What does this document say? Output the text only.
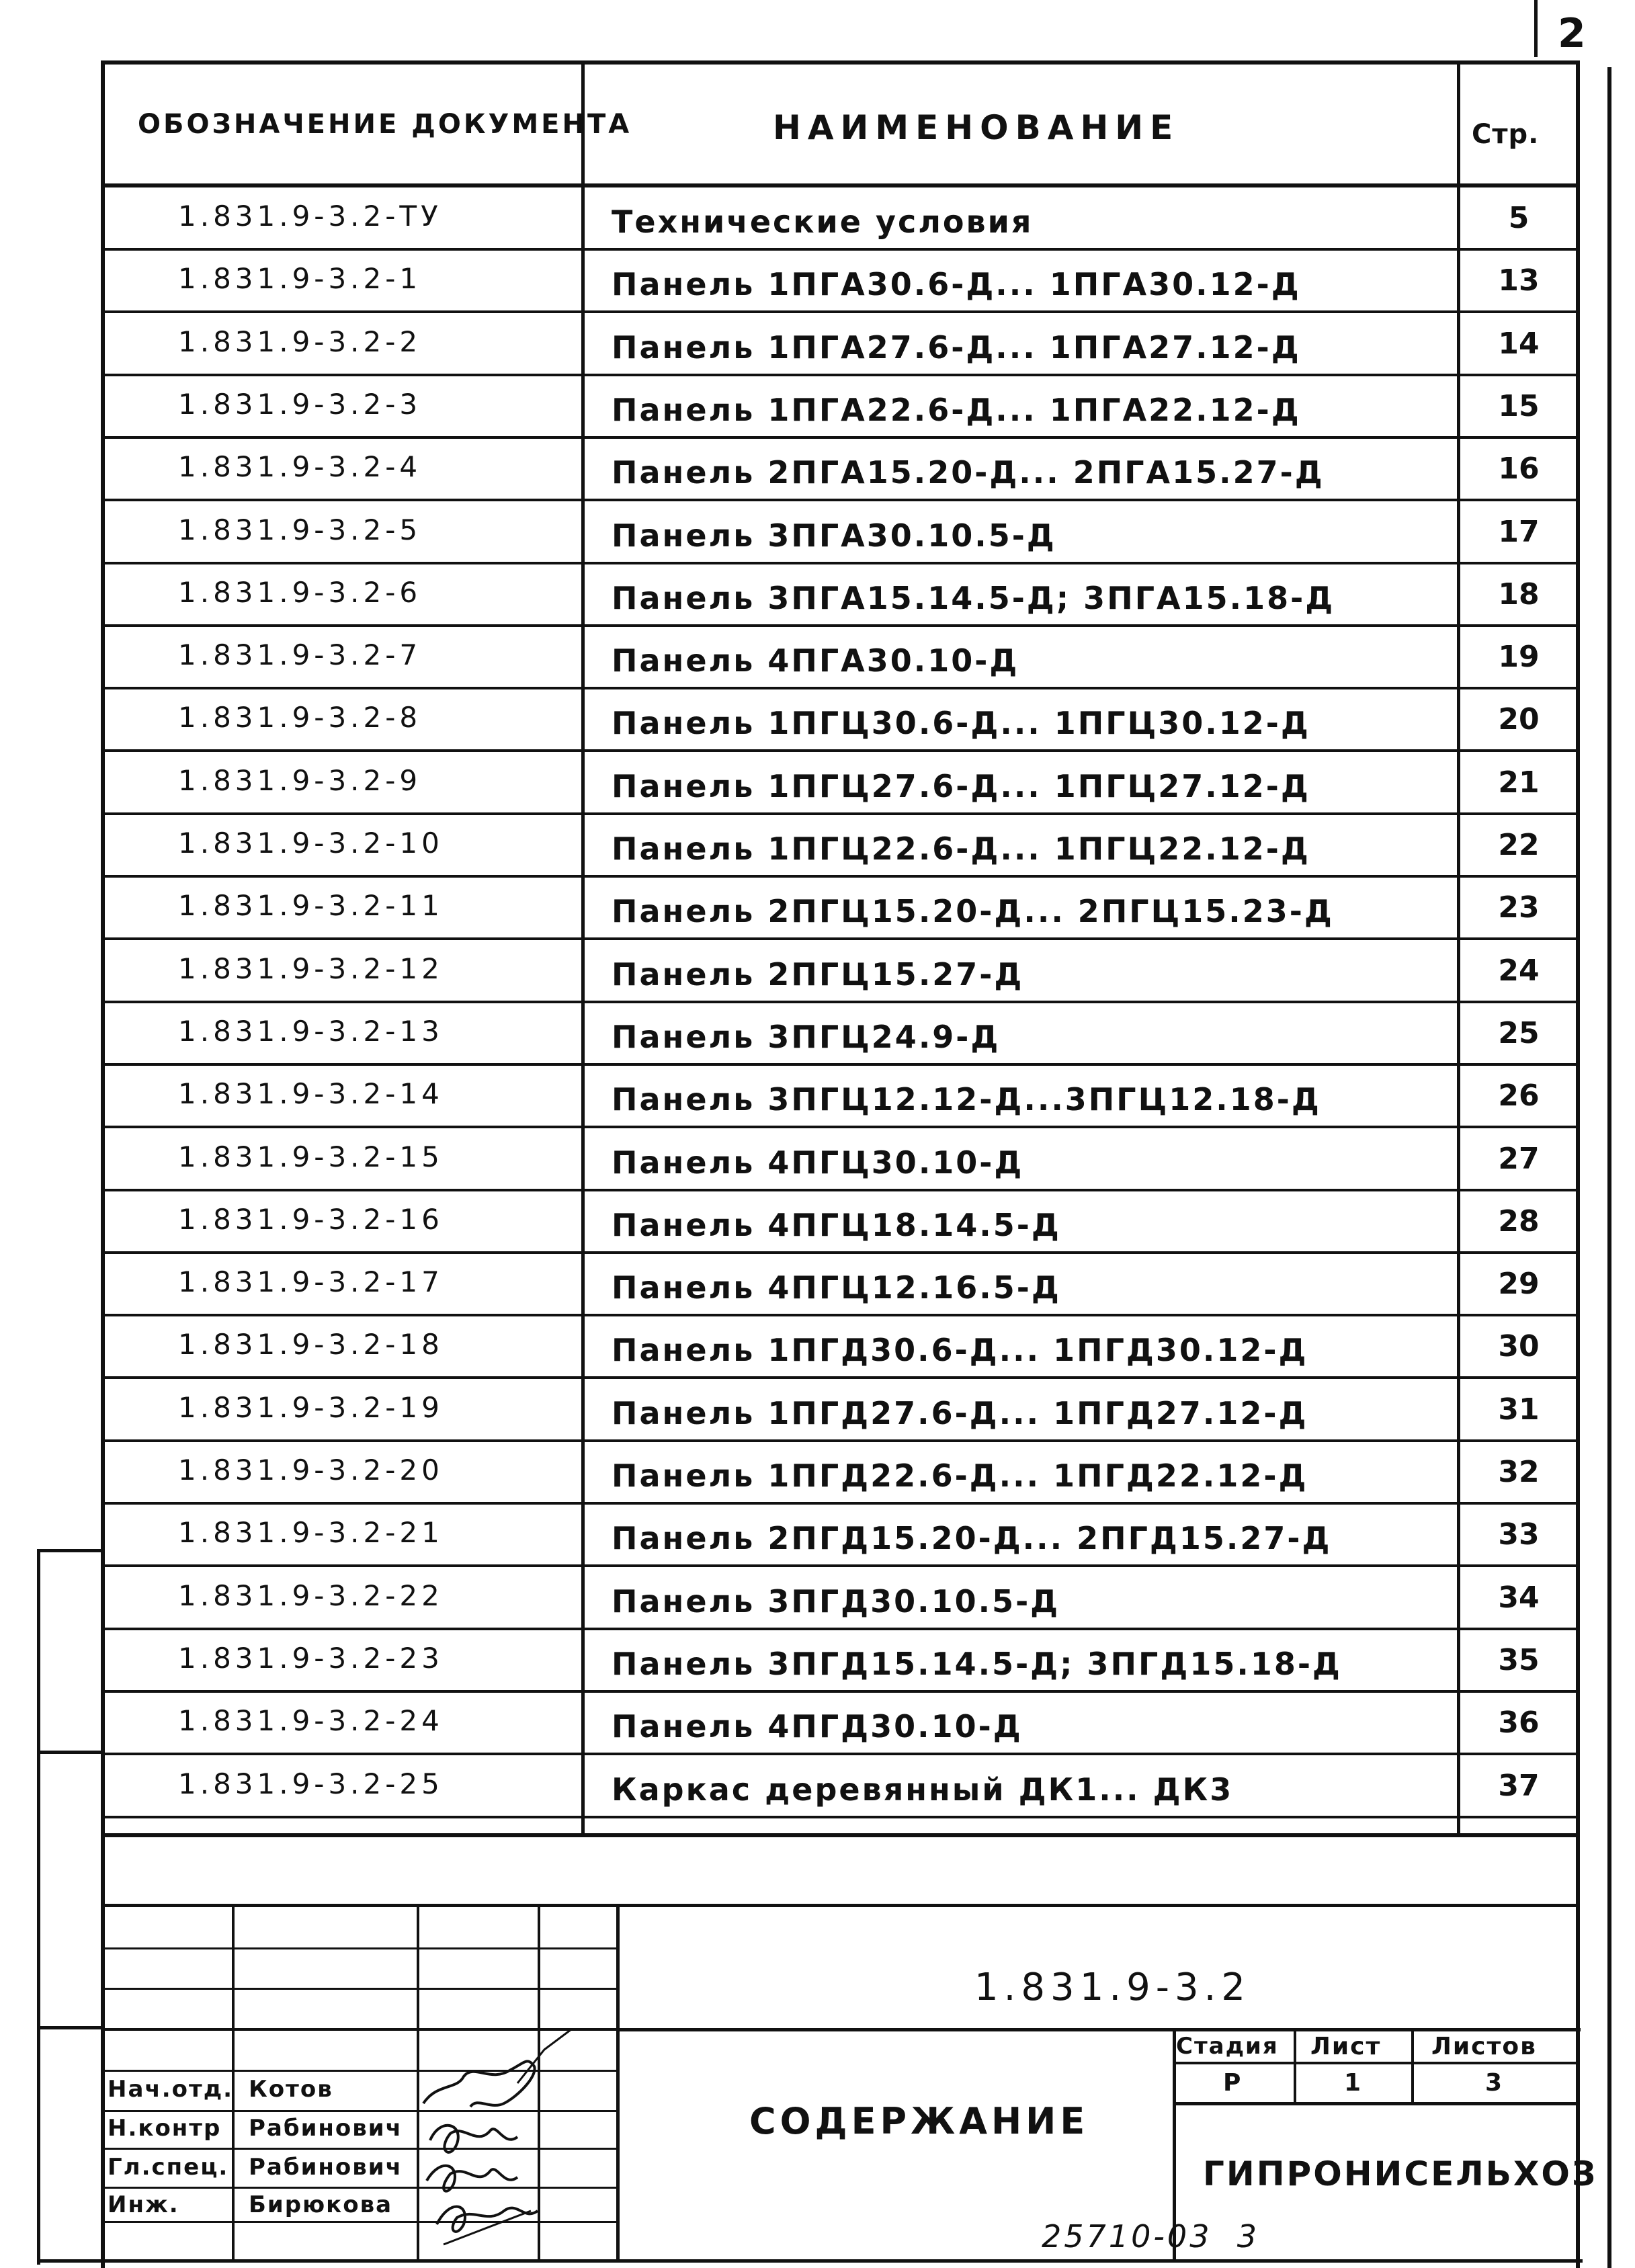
2
ОБОЗНАЧЕНИЕ ДОКУМЕНТА	НАИМЕНОВАНИЕ	Стр.
1.831.9-3.2-ТУ	Технические условия	5
1.831.9-3.2-1	Панель 1ПГА30.6-Д... 1ПГА30.12-Д	13
1.831.9-3.2-2	Панель 1ПГА27.6-Д... 1ПГА27.12-Д	14
1.831.9-3.2-3	Панель 1ПГА22.6-Д... 1ПГА22.12-Д	15
1.831.9-3.2-4	Панель 2ПГА15.20-Д... 2ПГА15.27-Д	16
1.831.9-3.2-5	Панель 3ПГА30.10.5-Д	17
1.831.9-3.2-6	Панель 3ПГА15.14.5-Д; 3ПГА15.18-Д	18
1.831.9-3.2-7	Панель 4ПГА30.10-Д	19
1.831.9-3.2-8	Панель 1ПГЦ30.6-Д... 1ПГЦ30.12-Д	20
1.831.9-3.2-9	Панель 1ПГЦ27.6-Д... 1ПГЦ27.12-Д	21
1.831.9-3.2-10	Панель 1ПГЦ22.6-Д... 1ПГЦ22.12-Д	22
1.831.9-3.2-11	Панель 2ПГЦ15.20-Д... 2ПГЦ15.23-Д	23
1.831.9-3.2-12	Панель 2ПГЦ15.27-Д	24
1.831.9-3.2-13	Панель 3ПГЦ24.9-Д	25
1.831.9-3.2-14	Панель 3ПГЦ12.12-Д...3ПГЦ12.18-Д	26
1.831.9-3.2-15	Панель 4ПГЦ30.10-Д	27
1.831.9-3.2-16	Панель 4ПГЦ18.14.5-Д	28
1.831.9-3.2-17	Панель 4ПГЦ12.16.5-Д	29
1.831.9-3.2-18	Панель 1ПГД30.6-Д... 1ПГД30.12-Д	30
1.831.9-3.2-19	Панель 1ПГД27.6-Д... 1ПГД27.12-Д	31
1.831.9-3.2-20	Панель 1ПГД22.6-Д... 1ПГД22.12-Д	32
1.831.9-3.2-21	Панель 2ПГД15.20-Д... 2ПГД15.27-Д	33
1.831.9-3.2-22	Панель 3ПГД30.10.5-Д	34
1.831.9-3.2-23	Панель 3ПГД15.14.5-Д; 3ПГД15.18-Д	35
1.831.9-3.2-24	Панель 4ПГД30.10-Д	36
1.831.9-3.2-25	Каркас деревянный ДК1... ДК3	37
Нач.отд. Котов
Н.контр Рабинович
Гл.спец. Рабинович
Инж.	Бирюкова
1.831.9-3.2
СОДЕРЖАНИЕ
Стадия Лист Листов
Р	1	3
ГИПРОНИСЕЛЬХОЗ
25710-03  3
